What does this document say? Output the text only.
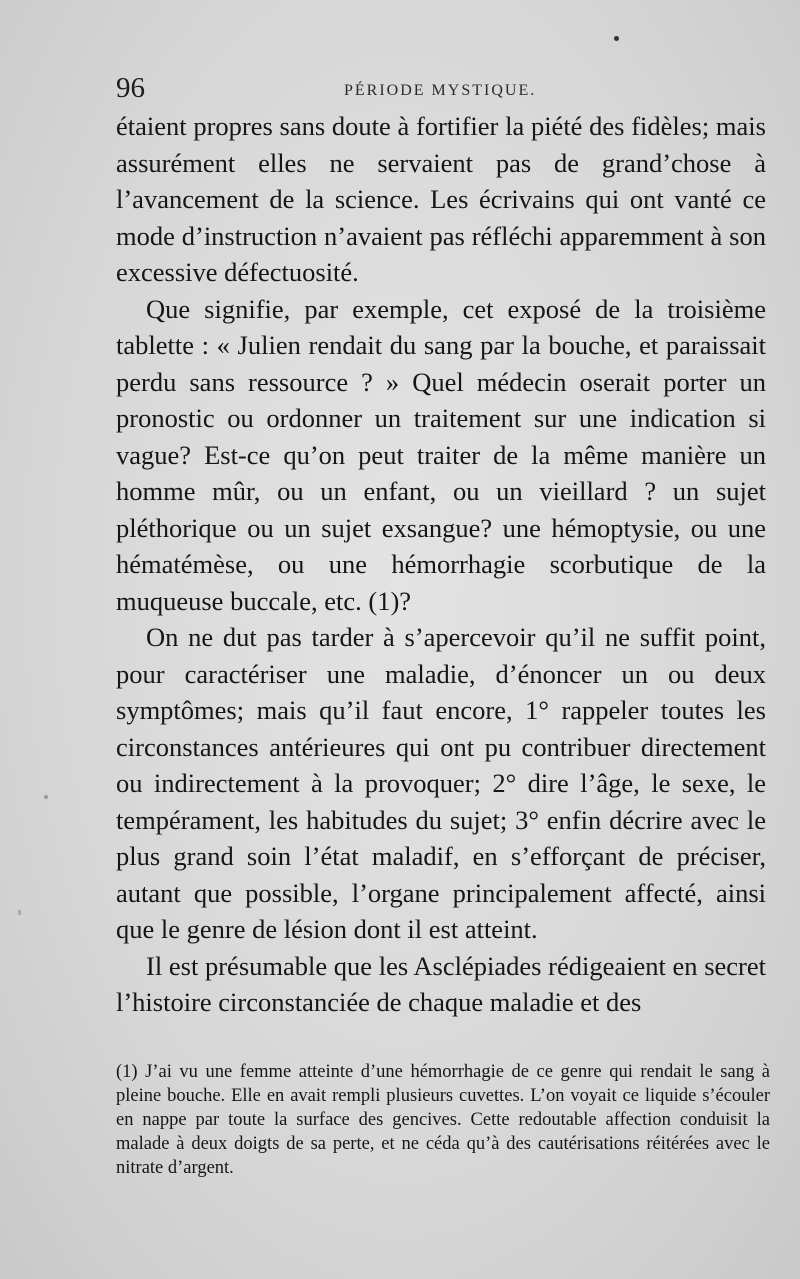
96	PÉRIODE MYSTIQUE.

étaient propres sans doute à fortifier la piété des fidèles; mais assurément elles ne servaient pas de grand’chose à l’avancement de la science. Les écrivains qui ont vanté ce mode d’instruction n’avaient pas réfléchi apparemment à son excessive défectuosité.

Que signifie, par exemple, cet exposé de la troisième tablette : « Julien rendait du sang par la bouche, et paraissait perdu sans ressource ? » Quel médecin oserait porter un pronostic ou ordonner un traitement sur une indication si vague? Est-ce qu’on peut traiter de la même manière un homme mûr, ou un enfant, ou un vieillard ? un sujet pléthorique ou un sujet exsangue? une hémoptysie, ou une hématémèse, ou une hémorrhagie scorbutique de la muqueuse buccale, etc. (1)?

On ne dut pas tarder à s’apercevoir qu’il ne suffit point, pour caractériser une maladie, d’énoncer un ou deux symptômes; mais qu’il faut encore, 1° rappeler toutes les circonstances antérieures qui ont pu contribuer directement ou indirectement à la provoquer; 2° dire l’âge, le sexe, le tempérament, les habitudes du sujet; 3° enfin décrire avec le plus grand soin l’état maladif, en s’efforçant de préciser, autant que possible, l’organe principalement affecté, ainsi que le genre de lésion dont il est atteint.

Il est présumable que les Asclépiades rédigeaient en secret l’histoire circonstanciée de chaque maladie et des

(1) J’ai vu une femme atteinte d’une hémorrhagie de ce genre qui rendait le sang à pleine bouche. Elle en avait rempli plusieurs cuvettes. L’on voyait ce liquide s’écouler en nappe par toute la surface des gencives. Cette redoutable affection conduisit la malade à deux doigts de sa perte, et ne céda qu’à des cautérisations réitérées avec le nitrate d’argent.
